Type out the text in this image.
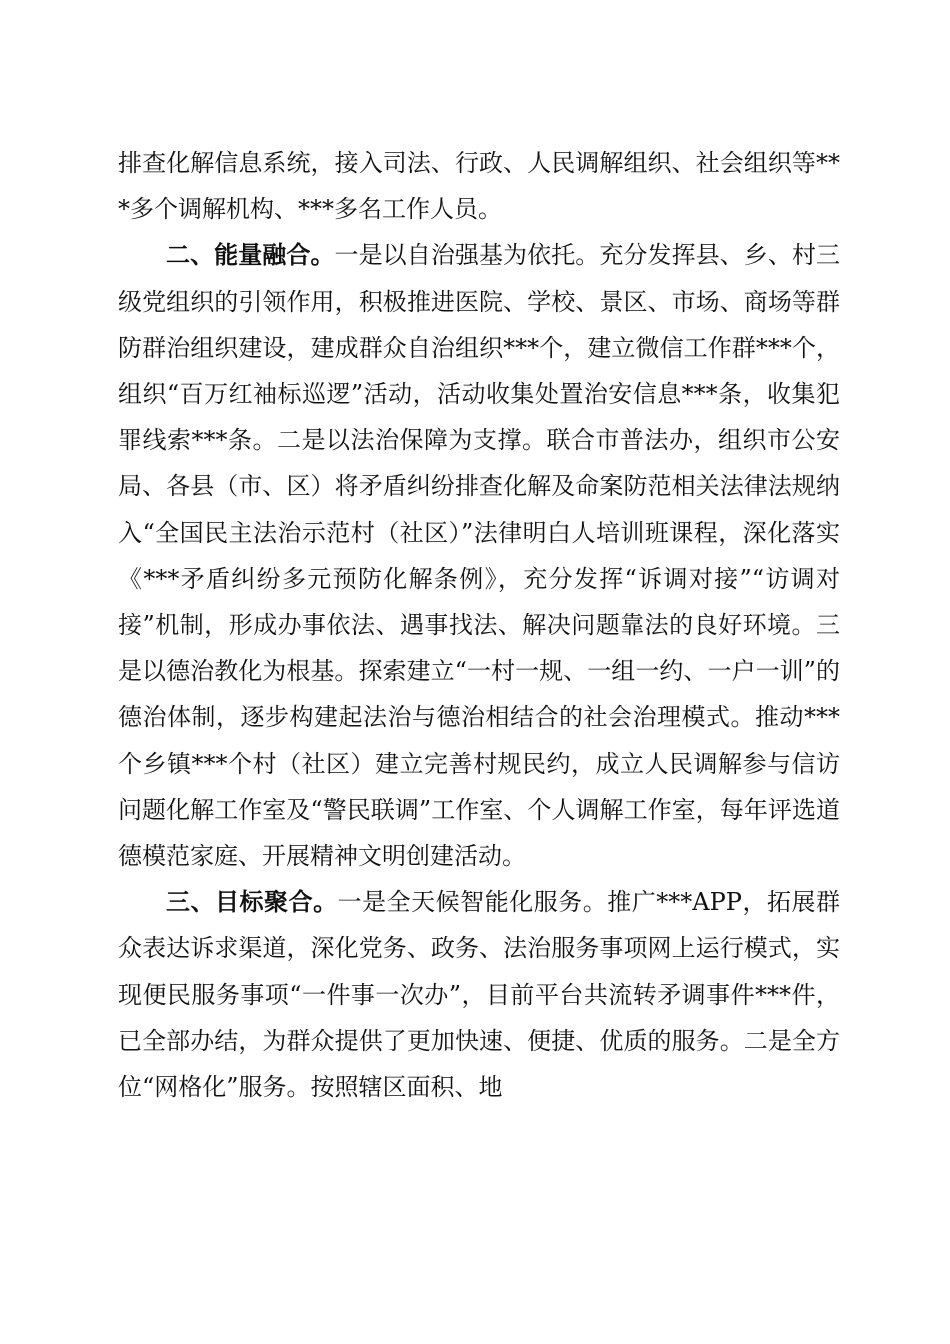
排查化解信息系统，接入司法、行政、人民调解组织、社会组织等***多个调解机构、***多名工作人员。

二、能量融合。一是以自治强基为依托。充分发挥县、乡、村三级党组织的引领作用，积极推进医院、学校、景区、市场、商场等群防群治组织建设，建成群众自治组织***个，建立微信工作群***个，组织“百万红袖标巡逻”活动，活动收集处置治安信息***条，收集犯罪线索***条。二是以法治保障为支撑。联合市普法办，组织市公安局、各县（市、区）将矛盾纠纷排查化解及命案防范相关法律法规纳入“全国民主法治示范村（社区）”法律明白人培训班课程，深化落实《***矛盾纠纷多元预防化解条例》，充分发挥“诉调对接”“访调对接”机制，形成办事依法、遇事找法、解决问题靠法的良好环境。三是以德治教化为根基。探索建立“一村一规、一组一约、一户一训”的德治体制，逐步构建起法治与德治相结合的社会治理模式。推动***个乡镇***个村（社区）建立完善村规民约，成立人民调解参与信访问题化解工作室及“警民联调”工作室、个人调解工作室，每年评选道德模范家庭、开展精神文明创建活动。

三、目标聚合。一是全天候智能化服务。推广***APP，拓展群众表达诉求渠道，深化党务、政务、法治服务事项网上运行模式，实现便民服务事项“一件事一次办”，目前平台共流转矛调事件***件，已全部办结，为群众提供了更加快速、便捷、优质的服务。二是全方位“网格化”服务。按照辖区面积、地
